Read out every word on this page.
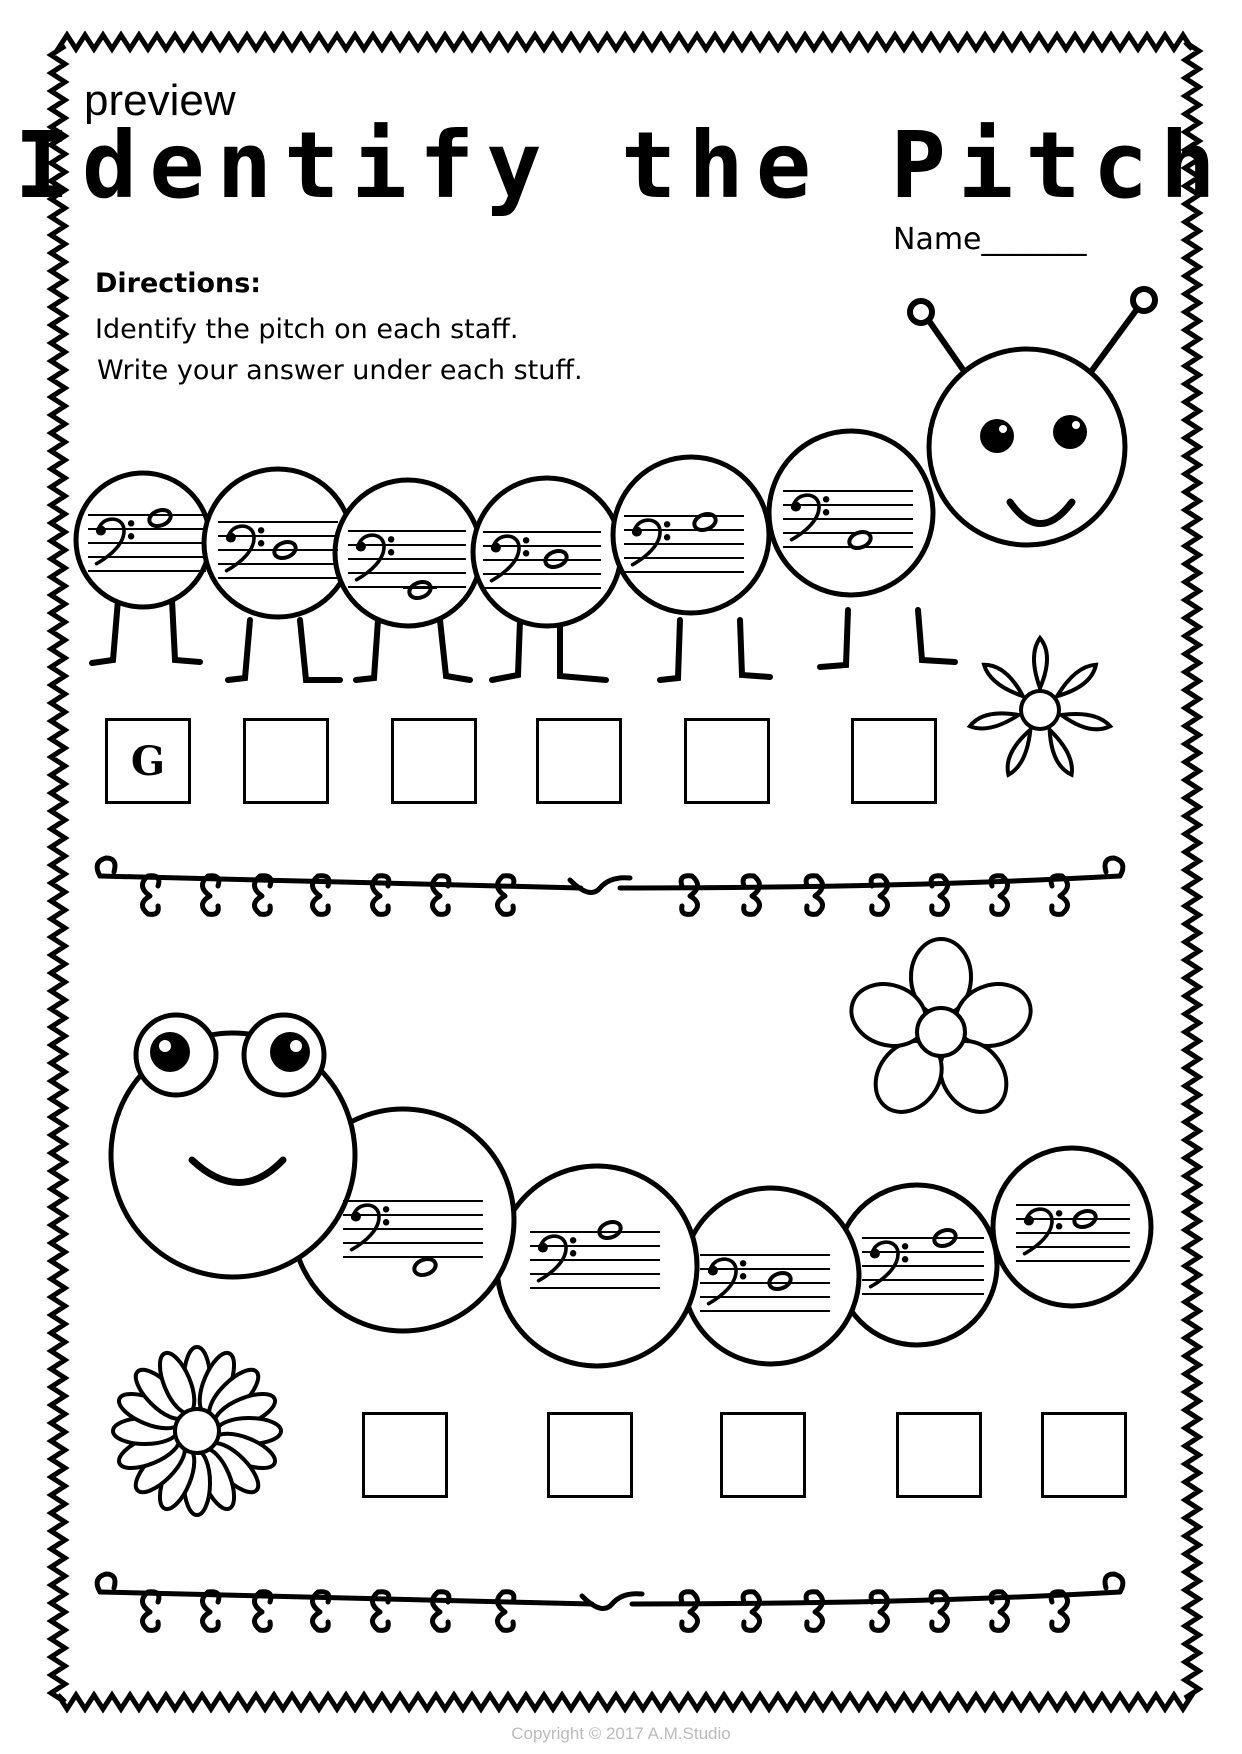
preview
Identify the Pitch
Name_______
Directions:
Identify the pitch on each staff.
Write your answer under each stuff.
G
Copyright © 2017 A.M.Studio
